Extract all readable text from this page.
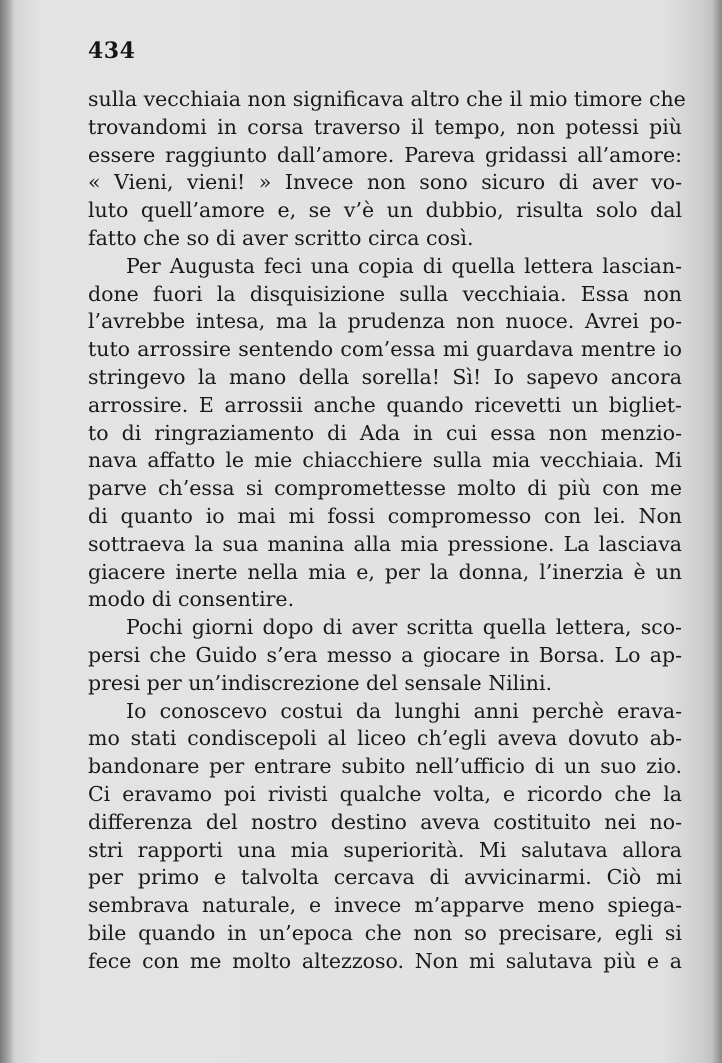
434
sulla vecchiaia non significava altro che il mio timore che
trovandomi in corsa traverso il tempo, non potessi più
essere raggiunto dall’amore. Pareva gridassi all’amore:
« Vieni, vieni! » Invece non sono sicuro di aver vo-
luto quell’amore e, se v’è un dubbio, risulta solo dal
fatto che so di aver scritto circa così.
Per Augusta feci una copia di quella lettera lascian-
done fuori la disquisizione sulla vecchiaia. Essa non
l’avrebbe intesa, ma la prudenza non nuoce. Avrei po-
tuto arrossire sentendo com’essa mi guardava mentre io
stringevo la mano della sorella! Sì! Io sapevo ancora
arrossire. E arrossii anche quando ricevetti un bigliet-
to di ringraziamento di Ada in cui essa non menzio-
nava affatto le mie chiacchiere sulla mia vecchiaia. Mi
parve ch’essa si compromettesse molto di più con me
di quanto io mai mi fossi compromesso con lei. Non
sottraeva la sua manina alla mia pressione. La lasciava
giacere inerte nella mia e, per la donna, l’inerzia è un
modo di consentire.
Pochi giorni dopo di aver scritta quella lettera, sco-
persi che Guido s’era messo a giocare in Borsa. Lo ap-
presi per un’indiscrezione del sensale Nilini.
Io conoscevo costui da lunghi anni perchè erava-
mo stati condiscepoli al liceo ch’egli aveva dovuto ab-
bandonare per entrare subito nell’ufficio di un suo zio.
Ci eravamo poi rivisti qualche volta, e ricordo che la
differenza del nostro destino aveva costituito nei no-
stri rapporti una mia superiorità. Mi salutava allora
per primo e talvolta cercava di avvicinarmi. Ciò mi
sembrava naturale, e invece m’apparve meno spiega-
bile quando in un’epoca che non so precisare, egli si
fece con me molto altezzoso. Non mi salutava più e a
